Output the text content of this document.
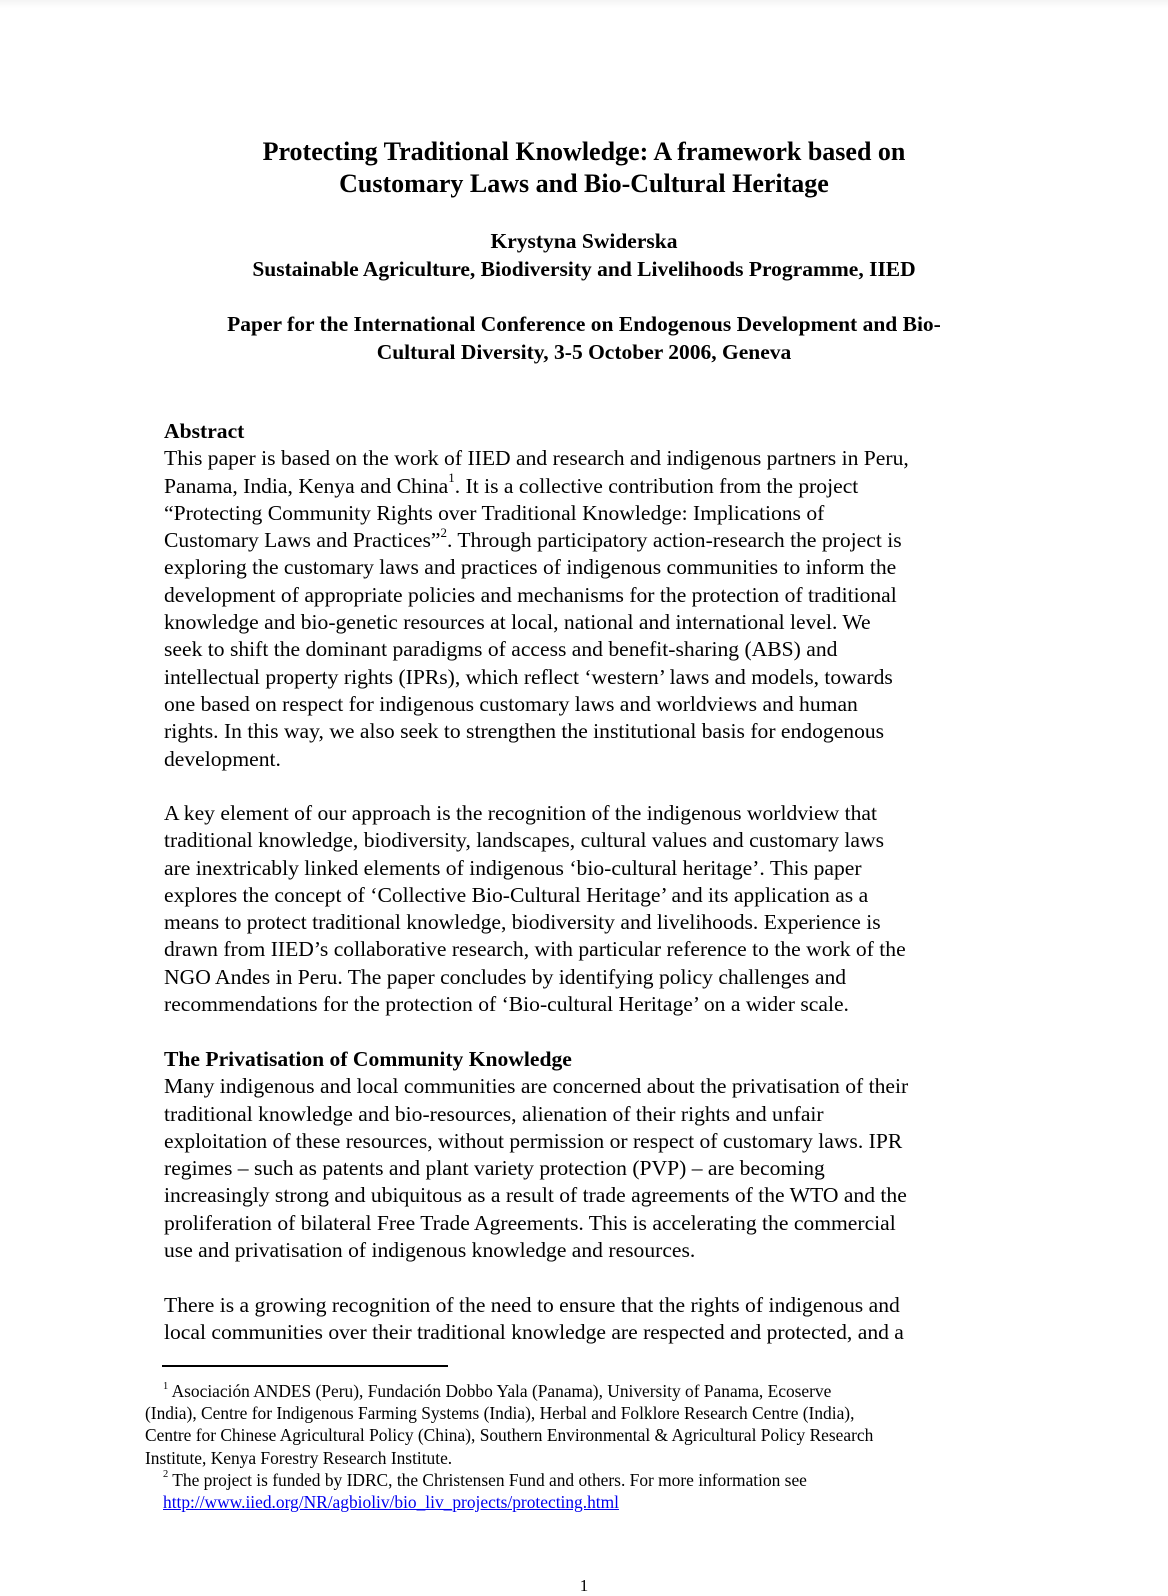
Protecting Traditional Knowledge: A framework based on
Customary Laws and Bio-Cultural Heritage
Krystyna Swiderska
Sustainable Agriculture, Biodiversity and Livelihoods Programme, IIED
Paper for the International Conference on Endogenous Development and Bio-
Cultural Diversity, 3-5 October 2006, Geneva
Abstract
This paper is based on the work of IIED and research and indigenous partners in Peru,
Panama, India, Kenya and China$^1$. It is a collective contribution from the project
“Protecting Community Rights over Traditional Knowledge: Implications of
Customary Laws and Practices”$^2$. Through participatory action-research the project is
exploring the customary laws and practices of indigenous communities to inform the
development of appropriate policies and mechanisms for the protection of traditional
knowledge and bio-genetic resources at local, national and international level. We
seek to shift the dominant paradigms of access and benefit-sharing (ABS) and
intellectual property rights (IPRs), which reflect ‘western’ laws and models, towards
one based on respect for indigenous customary laws and worldviews and human
rights. In this way, we also seek to strengthen the institutional basis for endogenous
development.
A key element of our approach is the recognition of the indigenous worldview that
traditional knowledge, biodiversity, landscapes, cultural values and customary laws
are inextricably linked elements of indigenous ‘bio-cultural heritage’. This paper
explores the concept of ‘Collective Bio-Cultural Heritage’ and its application as a
means to protect traditional knowledge, biodiversity and livelihoods. Experience is
drawn from IIED’s collaborative research, with particular reference to the work of the
NGO Andes in Peru. The paper concludes by identifying policy challenges and
recommendations for the protection of ‘Bio-cultural Heritage’ on a wider scale.
The Privatisation of Community Knowledge
Many indigenous and local communities are concerned about the privatisation of their
traditional knowledge and bio-resources, alienation of their rights and unfair
exploitation of these resources, without permission or respect of customary laws. IPR
regimes – such as patents and plant variety protection (PVP) – are becoming
increasingly strong and ubiquitous as a result of trade agreements of the WTO and the
proliferation of bilateral Free Trade Agreements. This is accelerating the commercial
use and privatisation of indigenous knowledge and resources.
There is a growing recognition of the need to ensure that the rights of indigenous and
local communities over their traditional knowledge are respected and protected, and a
$^1$ Asociación ANDES (Peru), Fundación Dobbo Yala (Panama), University of Panama, Ecoserve
(India), Centre for Indigenous Farming Systems (India), Herbal and Folklore Research Centre (India),
Centre for Chinese Agricultural Policy (China), Southern Environmental & Agricultural Policy Research
Institute, Kenya Forestry Research Institute.
$^2$ The project is funded by IDRC, the Christensen Fund and others. For more information see
http://www.iied.org/NR/agbioliv/bio_liv_projects/protecting.html
1
